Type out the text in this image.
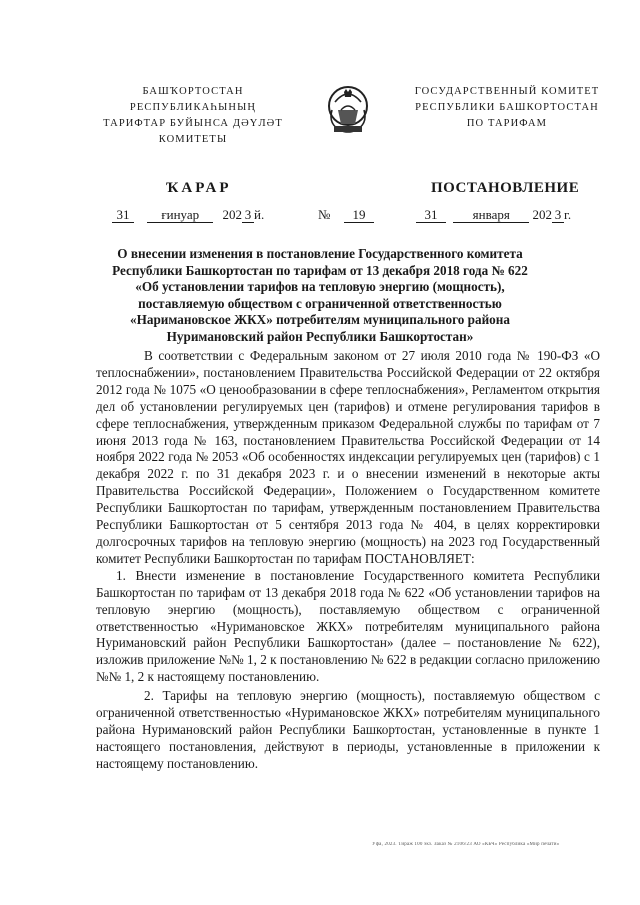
БАШҠОРТОСТАН РЕСПУБЛИКАҺЫНЫҢ
ТАРИФТАР БУЙЫНСА ДӘҮЛӘТ
КОМИТЕТЫ
ГОСУДАРСТВЕННЫЙ КОМИТЕТ
РЕСПУБЛИКИ БАШКОРТОСТАН
ПО ТАРИФАМ
ҠАРАР	ПОСТАНОВЛЕНИЕ
31 ғинуар 202 3 й.	№	19	31	января 202 3 г.
О внесении изменения в постановление Государственного комитета
Республики Башкортостан по тарифам от 13 декабря 2018 года № 622
«Об установлении тарифов на тепловую энергию (мощность),
поставляемую обществом с ограниченной ответственностью
«Наримановское ЖКХ» потребителям муниципального района
Нуримановский район Республики Башкортостан»

В соответствии с Федеральным законом от 27 июля 2010 года № 190-ФЗ «О теплоснабжении», постановлением Правительства Российской Федерации от 22 октября 2012 года № 1075 «О ценообразовании в сфере теплоснабжения», Регламентом открытия дел об установлении регулируемых цен (тарифов) и отмене регулирования тарифов в сфере теплоснабжения, утвержденным приказом Федеральной службы по тарифам от 7 июня 2013 года № 163, постановлением Правительства Российской Федерации от 14 ноября 2022 года № 2053 «Об особенностях индексации регулируемых цен (тарифов) с 1 декабря 2022 г. по 31 декабря 2023 г. и о внесении изменений в некоторые акты Правительства Российской Федерации», Положением о Государственном комитете Республики Башкортостан по тарифам, утвержденным постановлением Правительства Республики Башкортостан от 5 сентября 2013 года № 404, в целях корректировки долгосрочных тарифов на тепловую энергию (мощность) на 2023 год Государственный комитет Республики Башкортостан по тарифам ПОСТАНОВЛЯЕТ:

1. Внести изменение в постановление Государственного комитета Республики Башкортостан по тарифам от 13 декабря 2018 года № 622 «Об установлении тарифов на тепловую энергию (мощность), поставляемую обществом с ограниченной ответственностью «Нуримановское ЖКХ» потребителям муниципального района Нуримановский район Республики Башкортостан» (далее – постановление № 622), изложив приложение №№ 1, 2 к постановлению № 622 в редакции согласно приложению №№ 1, 2 к настоящему постановлению.

2. Тарифы на тепловую энергию (мощность), поставляемую обществом с ограниченной ответственностью «Нуримановское ЖКХ» потребителям муниципального района Нуримановский район Республики Башкортостан, установленные в пункте 1 настоящего постановления, действуют в периоды, установленные в приложении к настоящему постановлению.

Уфа, 2023. Тираж 100 экз. Заказ № 2106/23 АО «КБЧ» Республика «Мир печати»
